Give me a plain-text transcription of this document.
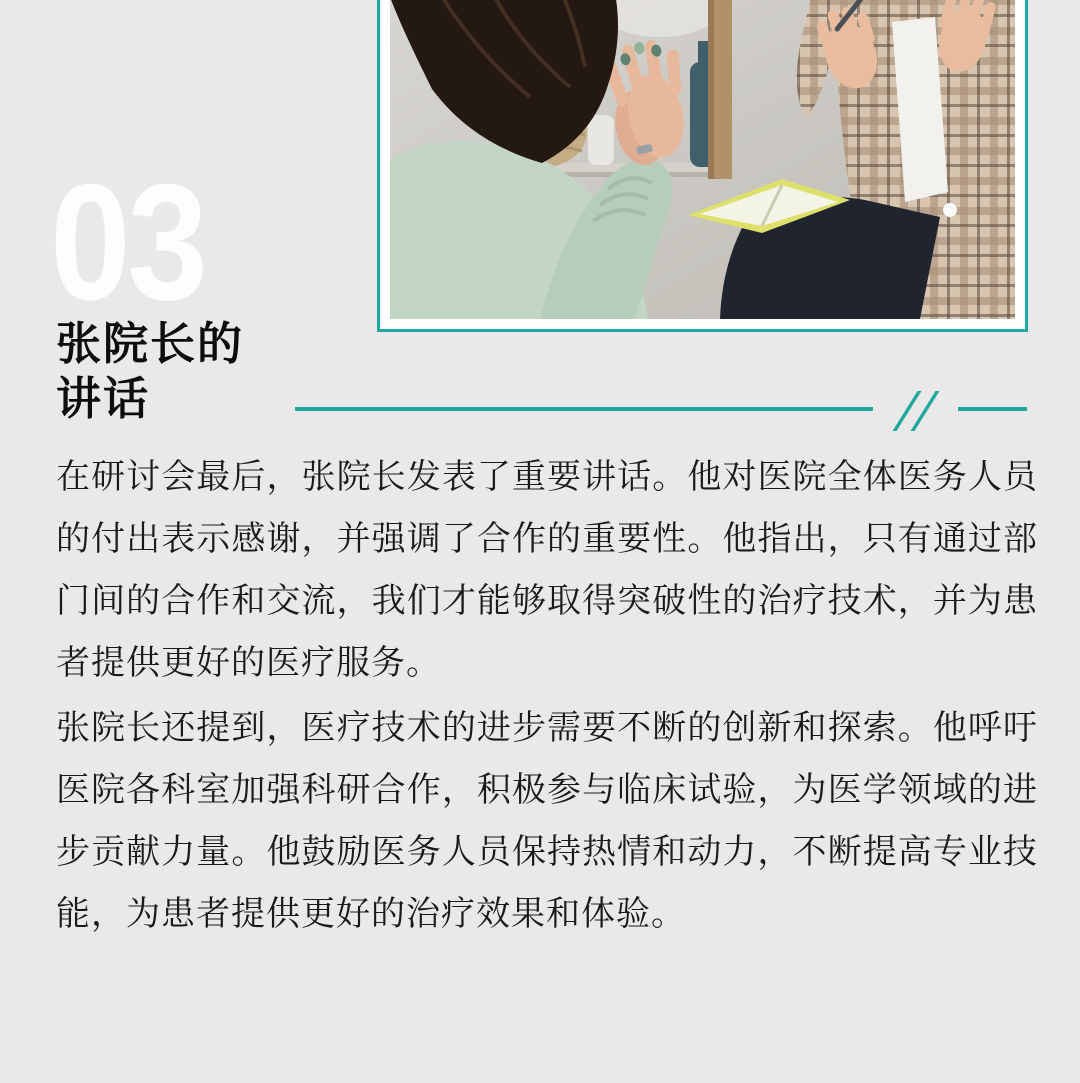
03
张院长的
讲话
在研讨会最后，张院长发表了重要讲话。他对医院全体医务人员
的付出表示感谢，并强调了合作的重要性。他指出，只有通过部
门间的合作和交流，我们才能够取得突破性的治疗技术，并为患
者提供更好的医疗服务。
张院长还提到，医疗技术的进步需要不断的创新和探索。他呼吁
医院各科室加强科研合作，积极参与临床试验，为医学领域的进
步贡献力量。他鼓励医务人员保持热情和动力，不断提高专业技
能，为患者提供更好的治疗效果和体验。
